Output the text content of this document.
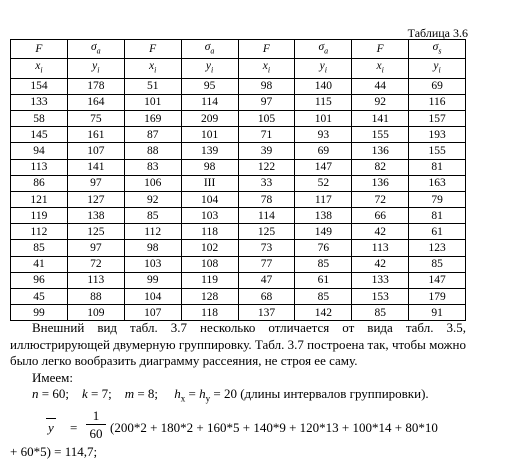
Таблица 3.6
F	$\sigma_а$	F	$\sigma_а$	F	$\sigma_а$	F	$\sigma_s$
$x_i$	$y_i$	$x_i$	$y_i$	$x_i$	$y_i$	$x_i$	$y_i$
154	178	51	95	98	140	44	69
133	164	101	114	97	115	92	116
58	75	169	209	105	101	141	157
145	161	87	101	71	93	155	193
94	107	88	139	39	69	136	155
113	141	83	98	122	147	82	81
86	97	106	III	33	52	136	163
121	127	92	104	78	117	72	79
119	138	85	103	114	138	66	81
112	125	112	118	125	149	42	61
85	97	98	102	73	76	113	123
41	72	103	108	77	85	42	85
96	113	99	119	47	61	133	147
45	88	104	128	68	85	153	179
99	109	107	118	137	142	85	91

Внешний вид табл. 3.7 несколько отличается от вида табл. 3.5, иллюстрирующей двумерную группировку. Табл. 3.7 построена так, чтобы можно было легко вообразить диаграмму рассеяния, не строя ее саму.

Имеем:

n = 60;    k = 7;    m = 8;     $h_x = h_y = 20$ (длины интервалов группировки).

y =
1
60 (200*2 + 180*2 + 160*5 + 140*9 + 120*13 + 100*14 + 80*10

+ 60*5) = 114,7;
